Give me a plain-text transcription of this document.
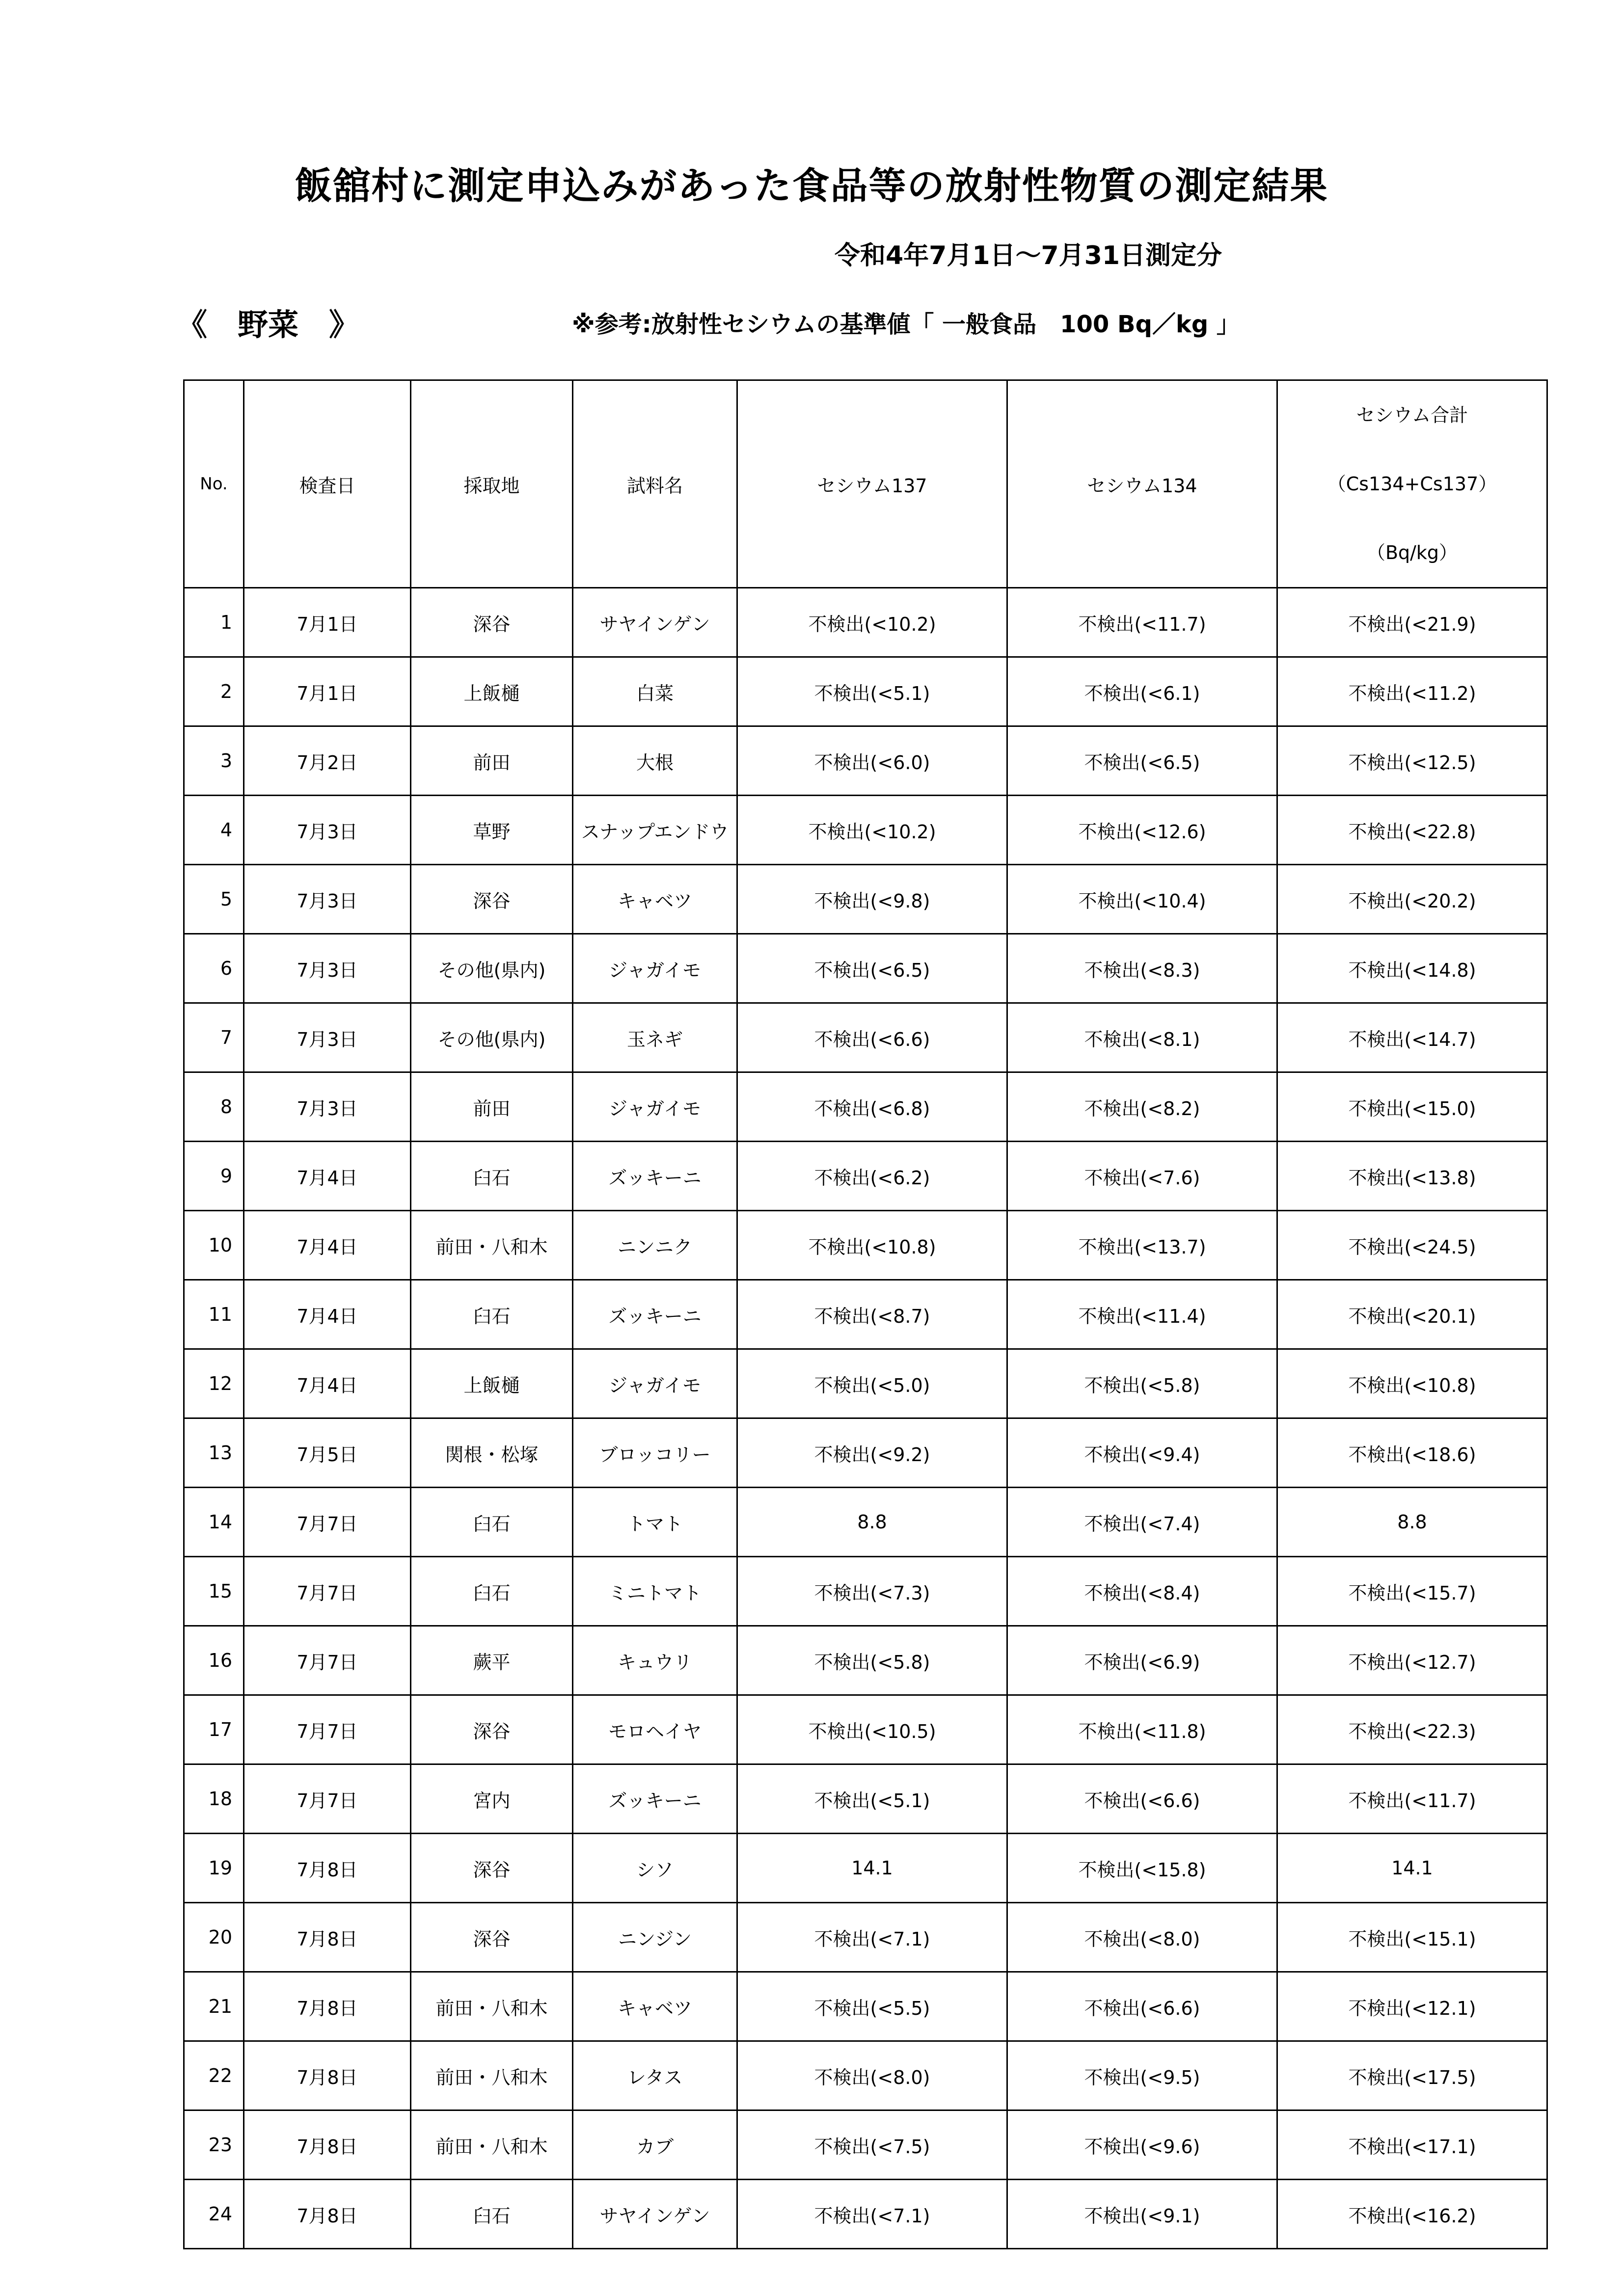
飯舘村に測定申込みがあった食品等の放射性物質の測定結果
令和4年7月1日～7月31日測定分
《　野菜　》	※参考:放射性セシウムの基準値「 一般食品　100 Bq／kg 」
No.	検査日	採取地	試料名	セシウム137	セシウム134	セシウム合計
（Cs134+Cs137）
（Bq/kg）

1	7月1日	深谷	サヤインゲン	不検出(<10.2)	不検出(<11.7)	不検出(<21.9)
2	7月1日	上飯樋	白菜	不検出(<5.1)	不検出(<6.1)	不検出(<11.2)
3	7月2日	前田	大根	不検出(<6.0)	不検出(<6.5)	不検出(<12.5)
4	7月3日	草野	スナップエンドウ	不検出(<10.2)	不検出(<12.6)	不検出(<22.8)
5	7月3日	深谷	キャベツ	不検出(<9.8)	不検出(<10.4)	不検出(<20.2)
6	7月3日	その他(県内)	ジャガイモ	不検出(<6.5)	不検出(<8.3)	不検出(<14.8)
7	7月3日	その他(県内)	玉ネギ	不検出(<6.6)	不検出(<8.1)	不検出(<14.7)
8	7月3日	前田	ジャガイモ	不検出(<6.8)	不検出(<8.2)	不検出(<15.0)
9	7月4日	臼石	ズッキーニ	不検出(<6.2)	不検出(<7.6)	不検出(<13.8)
10	7月4日	前田・八和木	ニンニク	不検出(<10.8)	不検出(<13.7)	不検出(<24.5)
11	7月4日	臼石	ズッキーニ	不検出(<8.7)	不検出(<11.4)	不検出(<20.1)
12	7月4日	上飯樋	ジャガイモ	不検出(<5.0)	不検出(<5.8)	不検出(<10.8)
13	7月5日	関根・松塚	ブロッコリー	不検出(<9.2)	不検出(<9.4)	不検出(<18.6)
14	7月7日	臼石	トマト	8.8	不検出(<7.4)	8.8
15	7月7日	臼石	ミニトマト	不検出(<7.3)	不検出(<8.4)	不検出(<15.7)
16	7月7日	蕨平	キュウリ	不検出(<5.8)	不検出(<6.9)	不検出(<12.7)
17	7月7日	深谷	モロヘイヤ	不検出(<10.5)	不検出(<11.8)	不検出(<22.3)
18	7月7日	宮内	ズッキーニ	不検出(<5.1)	不検出(<6.6)	不検出(<11.7)
19	7月8日	深谷	シソ	14.1	不検出(<15.8)	14.1
20	7月8日	深谷	ニンジン	不検出(<7.1)	不検出(<8.0)	不検出(<15.1)
21	7月8日	前田・八和木	キャベツ	不検出(<5.5)	不検出(<6.6)	不検出(<12.1)
22	7月8日	前田・八和木	レタス	不検出(<8.0)	不検出(<9.5)	不検出(<17.5)
23	7月8日	前田・八和木	カブ	不検出(<7.5)	不検出(<9.6)	不検出(<17.1)
24	7月8日	臼石	サヤインゲン	不検出(<7.1)	不検出(<9.1)	不検出(<16.2)
